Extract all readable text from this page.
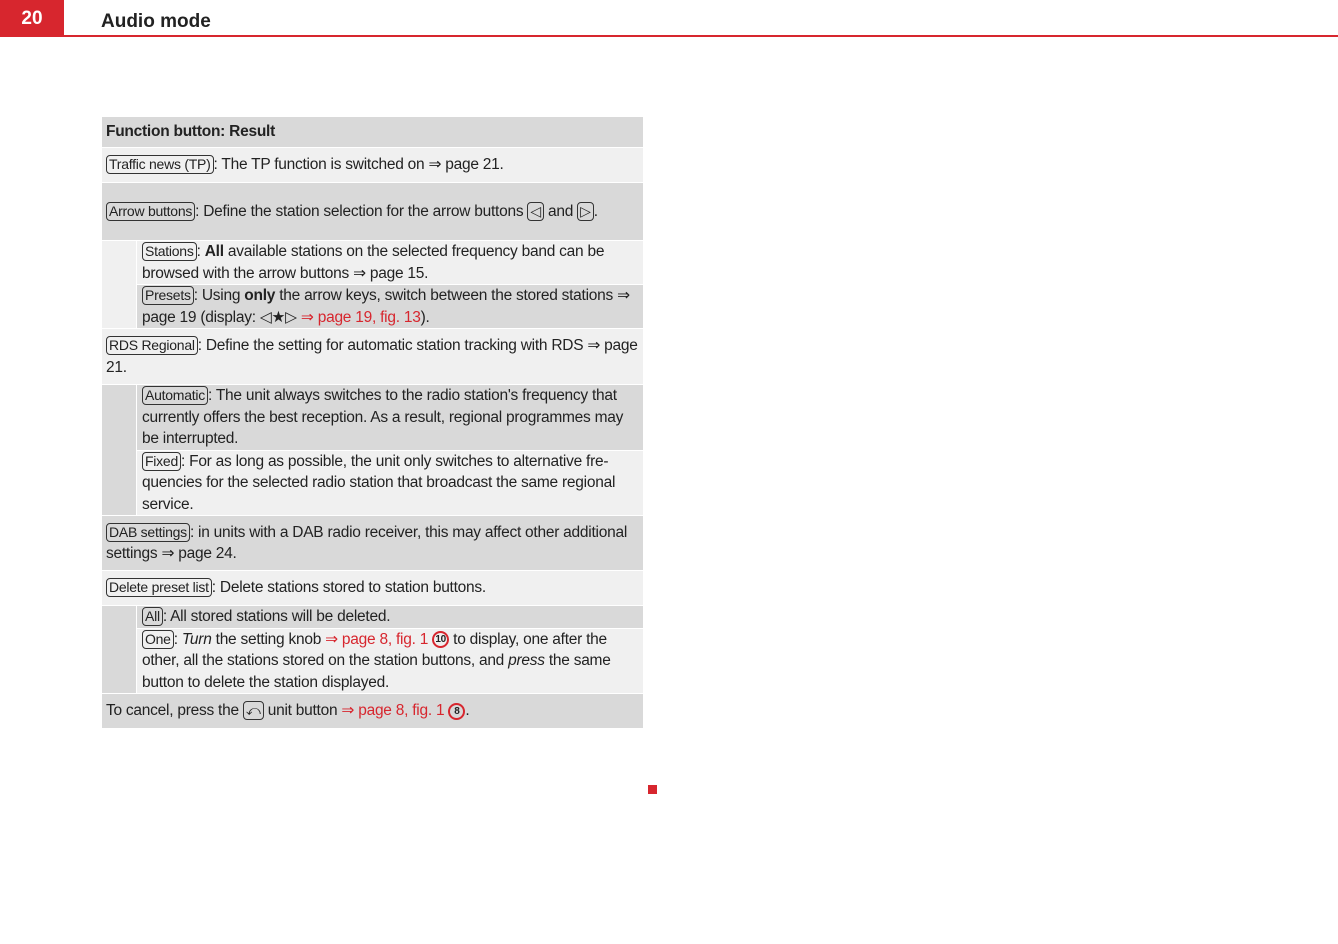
20	Audio mode
Function button: Result
Traffic news (TP) : The TP function is switched on ⇒ page 21.
Arrow buttons : Define the station selection for the arrow buttons ◁ and ▷ .
Stations : All available stations on the selected frequency band can be browsed with the arrow buttons ⇒ page 15.
Presets : Using only the arrow keys, switch between the stored stations ⇒ page 19 (display: ◁★▷ ⇒ page 19, fig. 13).
RDS Regional : Define the setting for automatic station tracking with RDS ⇒ page 21.
Automatic : The unit always switches to the radio station's frequency that currently offers the best reception. As a result, regional programmes may be interrupted.
Fixed : For as long as possible, the unit only switches to alternative frequencies for the selected radio station that broadcast the same regional service.
DAB settings : in units with a DAB radio receiver, this may affect other additional settings ⇒ page 24.
Delete preset list : Delete stations stored to station buttons.
All : All stored stations will be deleted.
One : Turn the setting knob ⇒ page 8, fig. 1 10 to display, one after the other, all the stations stored on the station buttons, and press the same button to delete the station displayed.
To cancel, press the ⤺ unit button ⇒ page 8, fig. 1 8 .
